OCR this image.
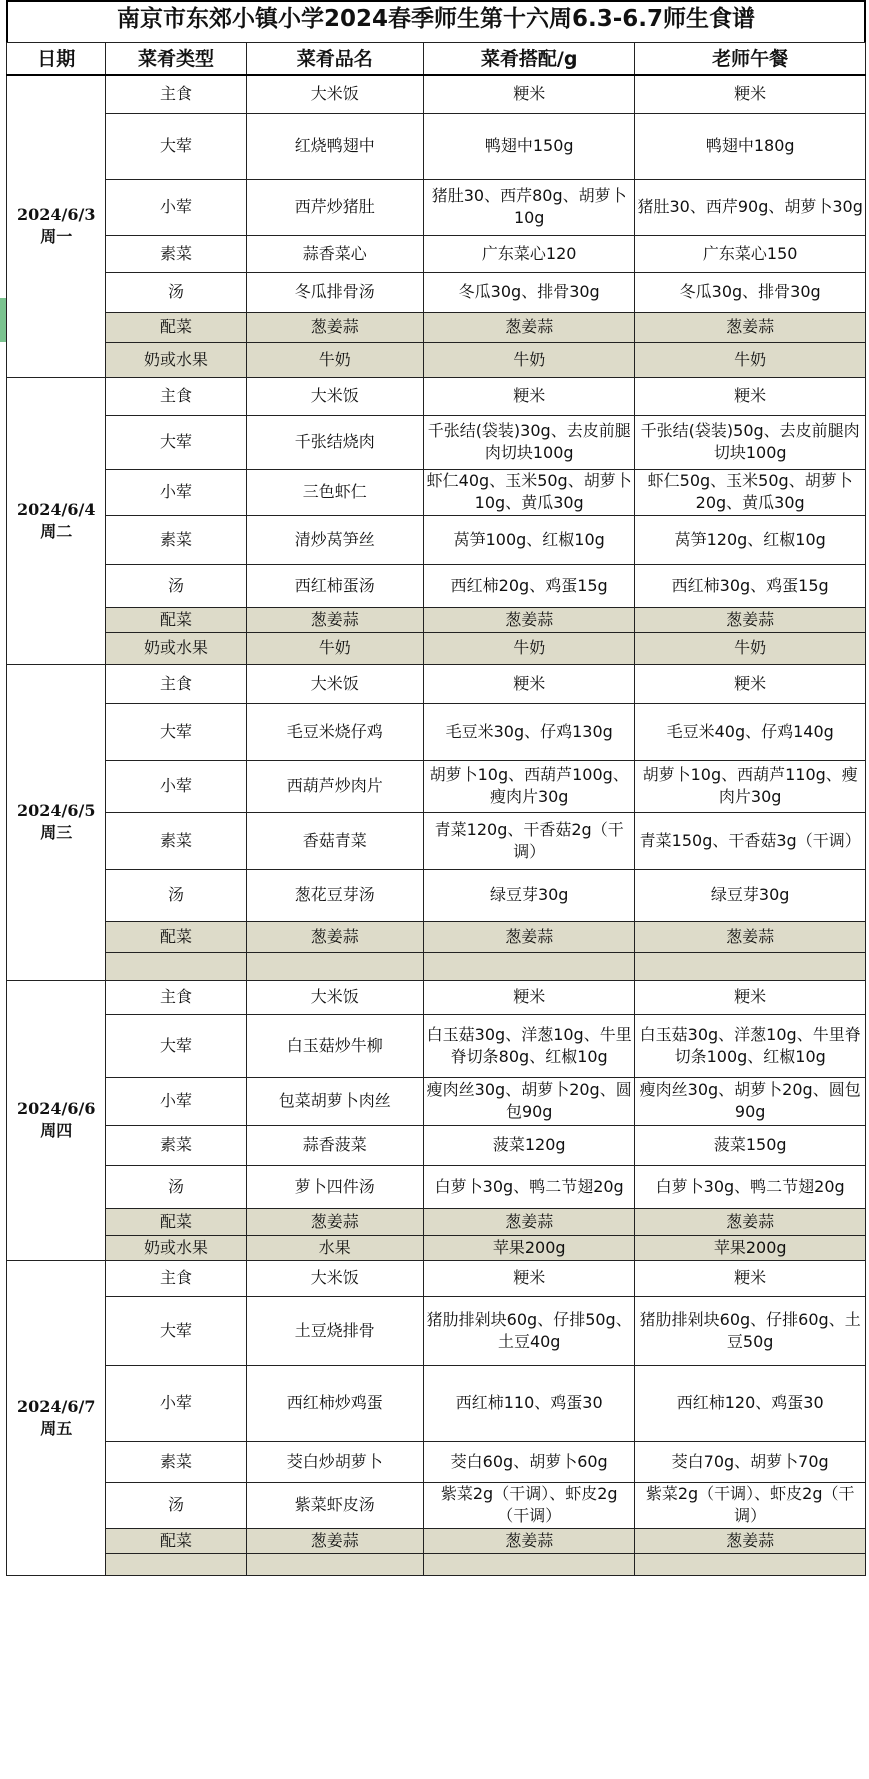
南京市东郊小镇小学2024春季师生第十六周6.3-6.7师生食谱
日期	菜肴类型	菜肴品名	菜肴搭配/g	老师午餐

2024/6/3
周一	主食	大米饭	粳米	粳米
	大荤	红烧鸭翅中	鸭翅中150g	鸭翅中180g
	小荤	西芹炒猪肚	猪肚30、西芹80g、胡萝卜10g	猪肚30、西芹90g、胡萝卜30g
	素菜	蒜香菜心	广东菜心120	广东菜心150
	汤	冬瓜排骨汤	冬瓜30g、排骨30g	冬瓜30g、排骨30g
	配菜	葱姜蒜	葱姜蒜	葱姜蒜
	奶或水果	牛奶	牛奶	牛奶

2024/6/4
周二	主食	大米饭	粳米	粳米
	大荤	千张结烧肉	千张结(袋装)30g、去皮前腿肉切块100g	千张结(袋装)50g、去皮前腿肉切块100g
	小荤	三色虾仁	虾仁40g、玉米50g、胡萝卜10g、黄瓜30g	虾仁50g、玉米50g、胡萝卜20g、黄瓜30g
	素菜	清炒莴笋丝	莴笋100g、红椒10g	莴笋120g、红椒10g
	汤	西红柿蛋汤	西红柿20g、鸡蛋15g	西红柿30g、鸡蛋15g
	配菜	葱姜蒜	葱姜蒜	葱姜蒜
	奶或水果	牛奶	牛奶	牛奶

2024/6/5
周三	主食	大米饭	粳米	粳米
	大荤	毛豆米烧仔鸡	毛豆米30g、仔鸡130g	毛豆米40g、仔鸡140g
	小荤	西葫芦炒肉片	胡萝卜10g、西葫芦100g、瘦肉片30g	胡萝卜10g、西葫芦110g、瘦肉片30g
	素菜	香菇青菜	青菜120g、干香菇2g（干调）	青菜150g、干香菇3g（干调）
	汤	葱花豆芽汤	绿豆芽30g	绿豆芽30g
	配菜	葱姜蒜	葱姜蒜	葱姜蒜

2024/6/6
周四	主食	大米饭	粳米	粳米
	大荤	白玉菇炒牛柳	白玉菇30g、洋葱10g、牛里脊切条80g、红椒10g	白玉菇30g、洋葱10g、牛里脊切条100g、红椒10g
	小荤	包菜胡萝卜肉丝	瘦肉丝30g、胡萝卜20g、圆包90g	瘦肉丝30g、胡萝卜20g、圆包90g
	素菜	蒜香菠菜	菠菜120g	菠菜150g
	汤	萝卜四件汤	白萝卜30g、鸭二节翅20g	白萝卜30g、鸭二节翅20g
	配菜	葱姜蒜	葱姜蒜	葱姜蒜
	奶或水果	水果	苹果200g	苹果200g

2024/6/7
周五	主食	大米饭	粳米	粳米
	大荤	土豆烧排骨	猪肋排剁块60g、仔排50g、土豆40g	猪肋排剁块60g、仔排60g、土豆50g
	小荤	西红柿炒鸡蛋	西红柿110、鸡蛋30	西红柿120、鸡蛋30
	素菜	茭白炒胡萝卜	茭白60g、胡萝卜60g	茭白70g、胡萝卜70g
	汤	紫菜虾皮汤	紫菜2g（干调）、虾皮2g（干调）	紫菜2g（干调）、虾皮2g（干调）
	配菜	葱姜蒜	葱姜蒜	葱姜蒜
